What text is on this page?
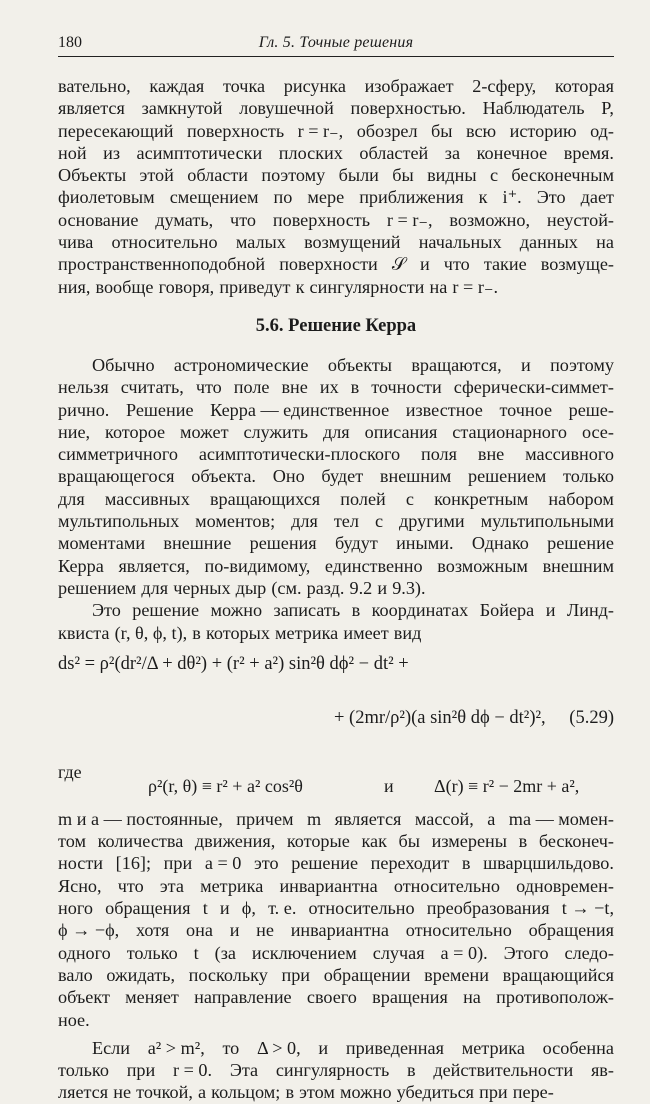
Гл. 5. Точные решения
180
вательно, каждая точка рисунка изображает 2-сферу, которая
является замкнутой ловушечной поверхностью. Наблюдатель P,
пересекающий поверхность r = r₋, обозрел бы всю историю од-
ной из асимптотически плоских областей за конечное время.
Объекты этой области поэтому были бы видны с бесконечным
фиолетовым смещением по мере приближения к i⁺. Это дает
основание думать, что поверхность r = r₋, возможно, неустой-
чива относительно малых возмущений начальных данных на
пространственноподобной поверхности 𝒮 и что такие возмуще-
ния, вообще говоря, приведут к сингулярности на r = r₋.
5.6. Решение Керра
Обычно астрономические объекты вращаются, и поэтому
нельзя считать, что поле вне их в точности сферически-симмет-
рично. Решение Керра — единственное известное точное реше-
ние, которое может служить для описания стационарного осе-
симметричного асимптотически-плоского поля вне массивного
вращающегося объекта. Оно будет внешним решением только
для массивных вращающихся полей с конкретным набором
мультипольных моментов; для тел с другими мультипольными
моментами внешние решения будут иными. Однако решение
Керра является, по-видимому, единственно возможным внешним
решением для черных дыр (см. разд. 9.2 и 9.3).
Это решение можно записать в координатах Бойера и Линд-
квиста (r, θ, ϕ, t), в которых метрика имеет вид
ds² = ρ²(dr²/Δ + dθ²) + (r² + a²) sin²θ dϕ² − dt² +
+ (2mr/ρ²)(a sin²θ dϕ − dt²)², (5.29)
где
ρ²(r, θ) ≡ r² + a² cos²θ	и Δ(r) ≡ r² − 2mr + a²,
m и a — постоянные, причем m является массой, а ma — момен-
том количества движения, которые как бы измерены в бесконеч-
ности [16]; при a = 0 это решение переходит в шварцшильдово.
Ясно, что эта метрика инвариантна относительно одновремен-
ного обращения t и ϕ, т. е. относительно преобразования t → −t,
ϕ → −ϕ, хотя она и не инвариантна относительно обращения
одного только t (за исключением случая a = 0). Этого следо-
вало ожидать, поскольку при обращении времени вращающийся
объект меняет направление своего вращения на противополож-
ное.
Если a² > m², то Δ > 0, и приведенная метрика особенна
только при r = 0. Эта сингулярность в действительности яв-
ляется не точкой, а кольцом; в этом можно убедиться при пере-
